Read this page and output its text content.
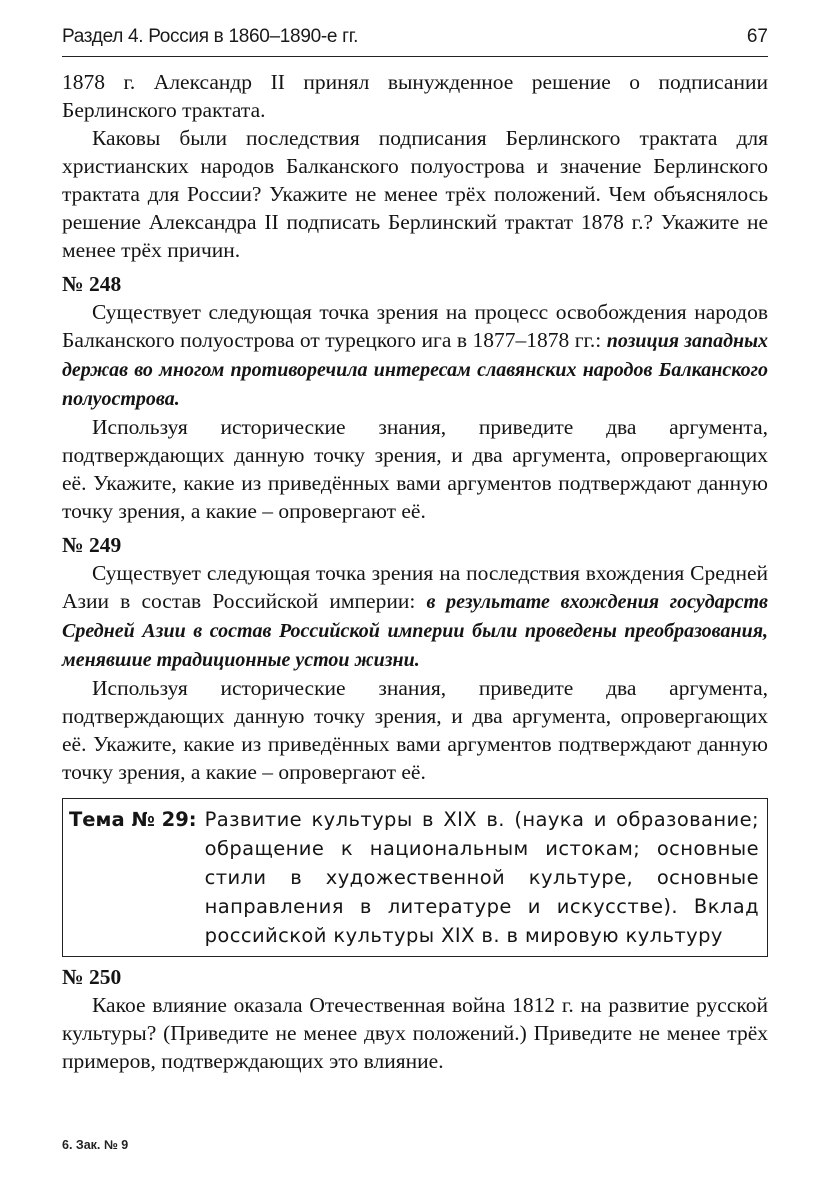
Раздел 4. Россия в 1860–1890-е гг.	67

1878 г. Александр II принял вынужденное решение о подписании Берлинского трактата.

Каковы были последствия подписания Берлинского трактата для христианских народов Балканского полуострова и значение Берлинского трактата для России? Укажите не менее трёх положений. Чем объяснялось решение Александра II подписать Берлинский трактат 1878 г.? Укажите не менее трёх причин.

№ 248

Существует следующая точка зрения на процесс освобождения народов Балканского полуострова от турецкого ига в 1877–1878 гг.: позиция западных держав во многом противоречила интересам славянских народов Балканского полуострова.

Используя исторические знания, приведите два аргумента, подтверждающих данную точку зрения, и два аргумента, опровергающих её. Укажите, какие из приведённых вами аргументов подтверждают данную точку зрения, а какие – опровергают её.

№ 249

Существует следующая точка зрения на последствия вхождения Средней Азии в состав Российской империи: в результате вхождения государств Средней Азии в состав Российской империи были проведены преобразования, менявшие традиционные устои жизни.

Используя исторические знания, приведите два аргумента, подтверждающих данную точку зрения, и два аргумента, опровергающих её. Укажите, какие из приведённых вами аргументов подтверждают данную точку зрения, а какие – опровергают её.

Тема № 29: Развитие культуры в XIX в. (наука и образование; обращение к национальным истокам; основные стили в художественной культуре, основные направления в литературе и искусстве). Вклад российской культуры XIX в. в мировую культуру

№ 250

Какое влияние оказала Отечественная война 1812 г. на развитие русской культуры? (Приведите не менее двух положений.) Приведите не менее трёх примеров, подтверждающих это влияние.

6. Зак. № 9
